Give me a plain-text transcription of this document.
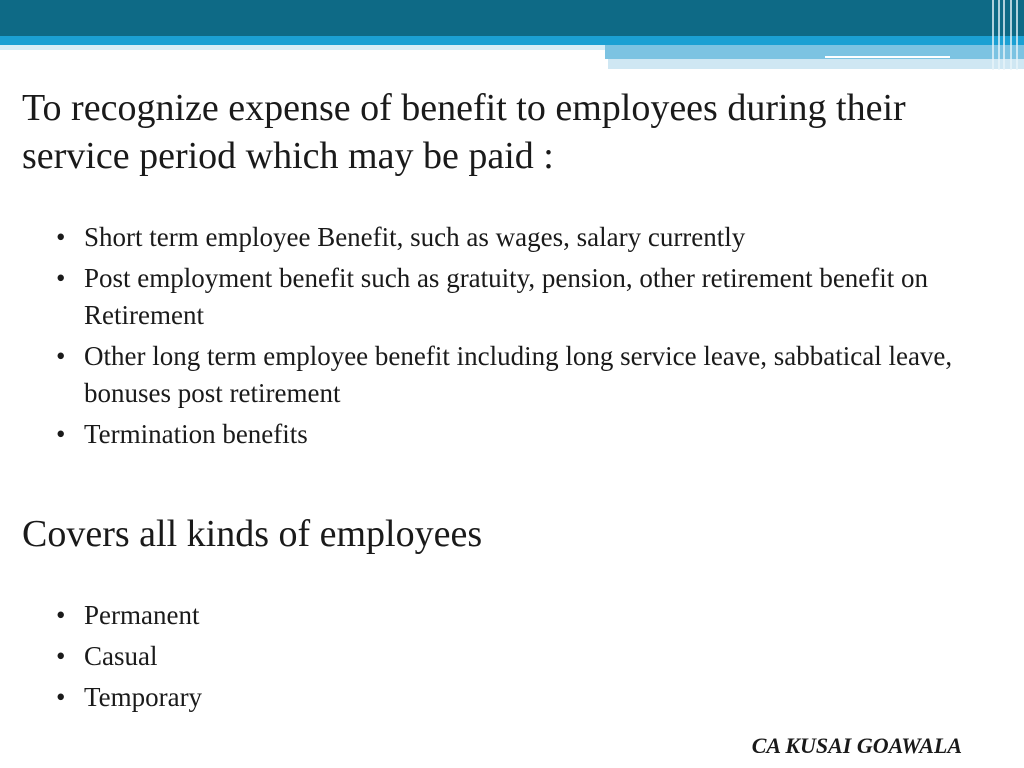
To recognize expense of benefit to employees during their service period which may be paid :
• Short term employee Benefit, such as wages, salary currently
• Post employment benefit such as gratuity, pension, other retirement benefit on Retirement
• Other long term employee benefit including long service leave, sabbatical leave, bonuses post retirement
• Termination benefits
Covers all kinds of employees
• Permanent
• Casual
• Temporary
CA KUSAI GOAWALA
